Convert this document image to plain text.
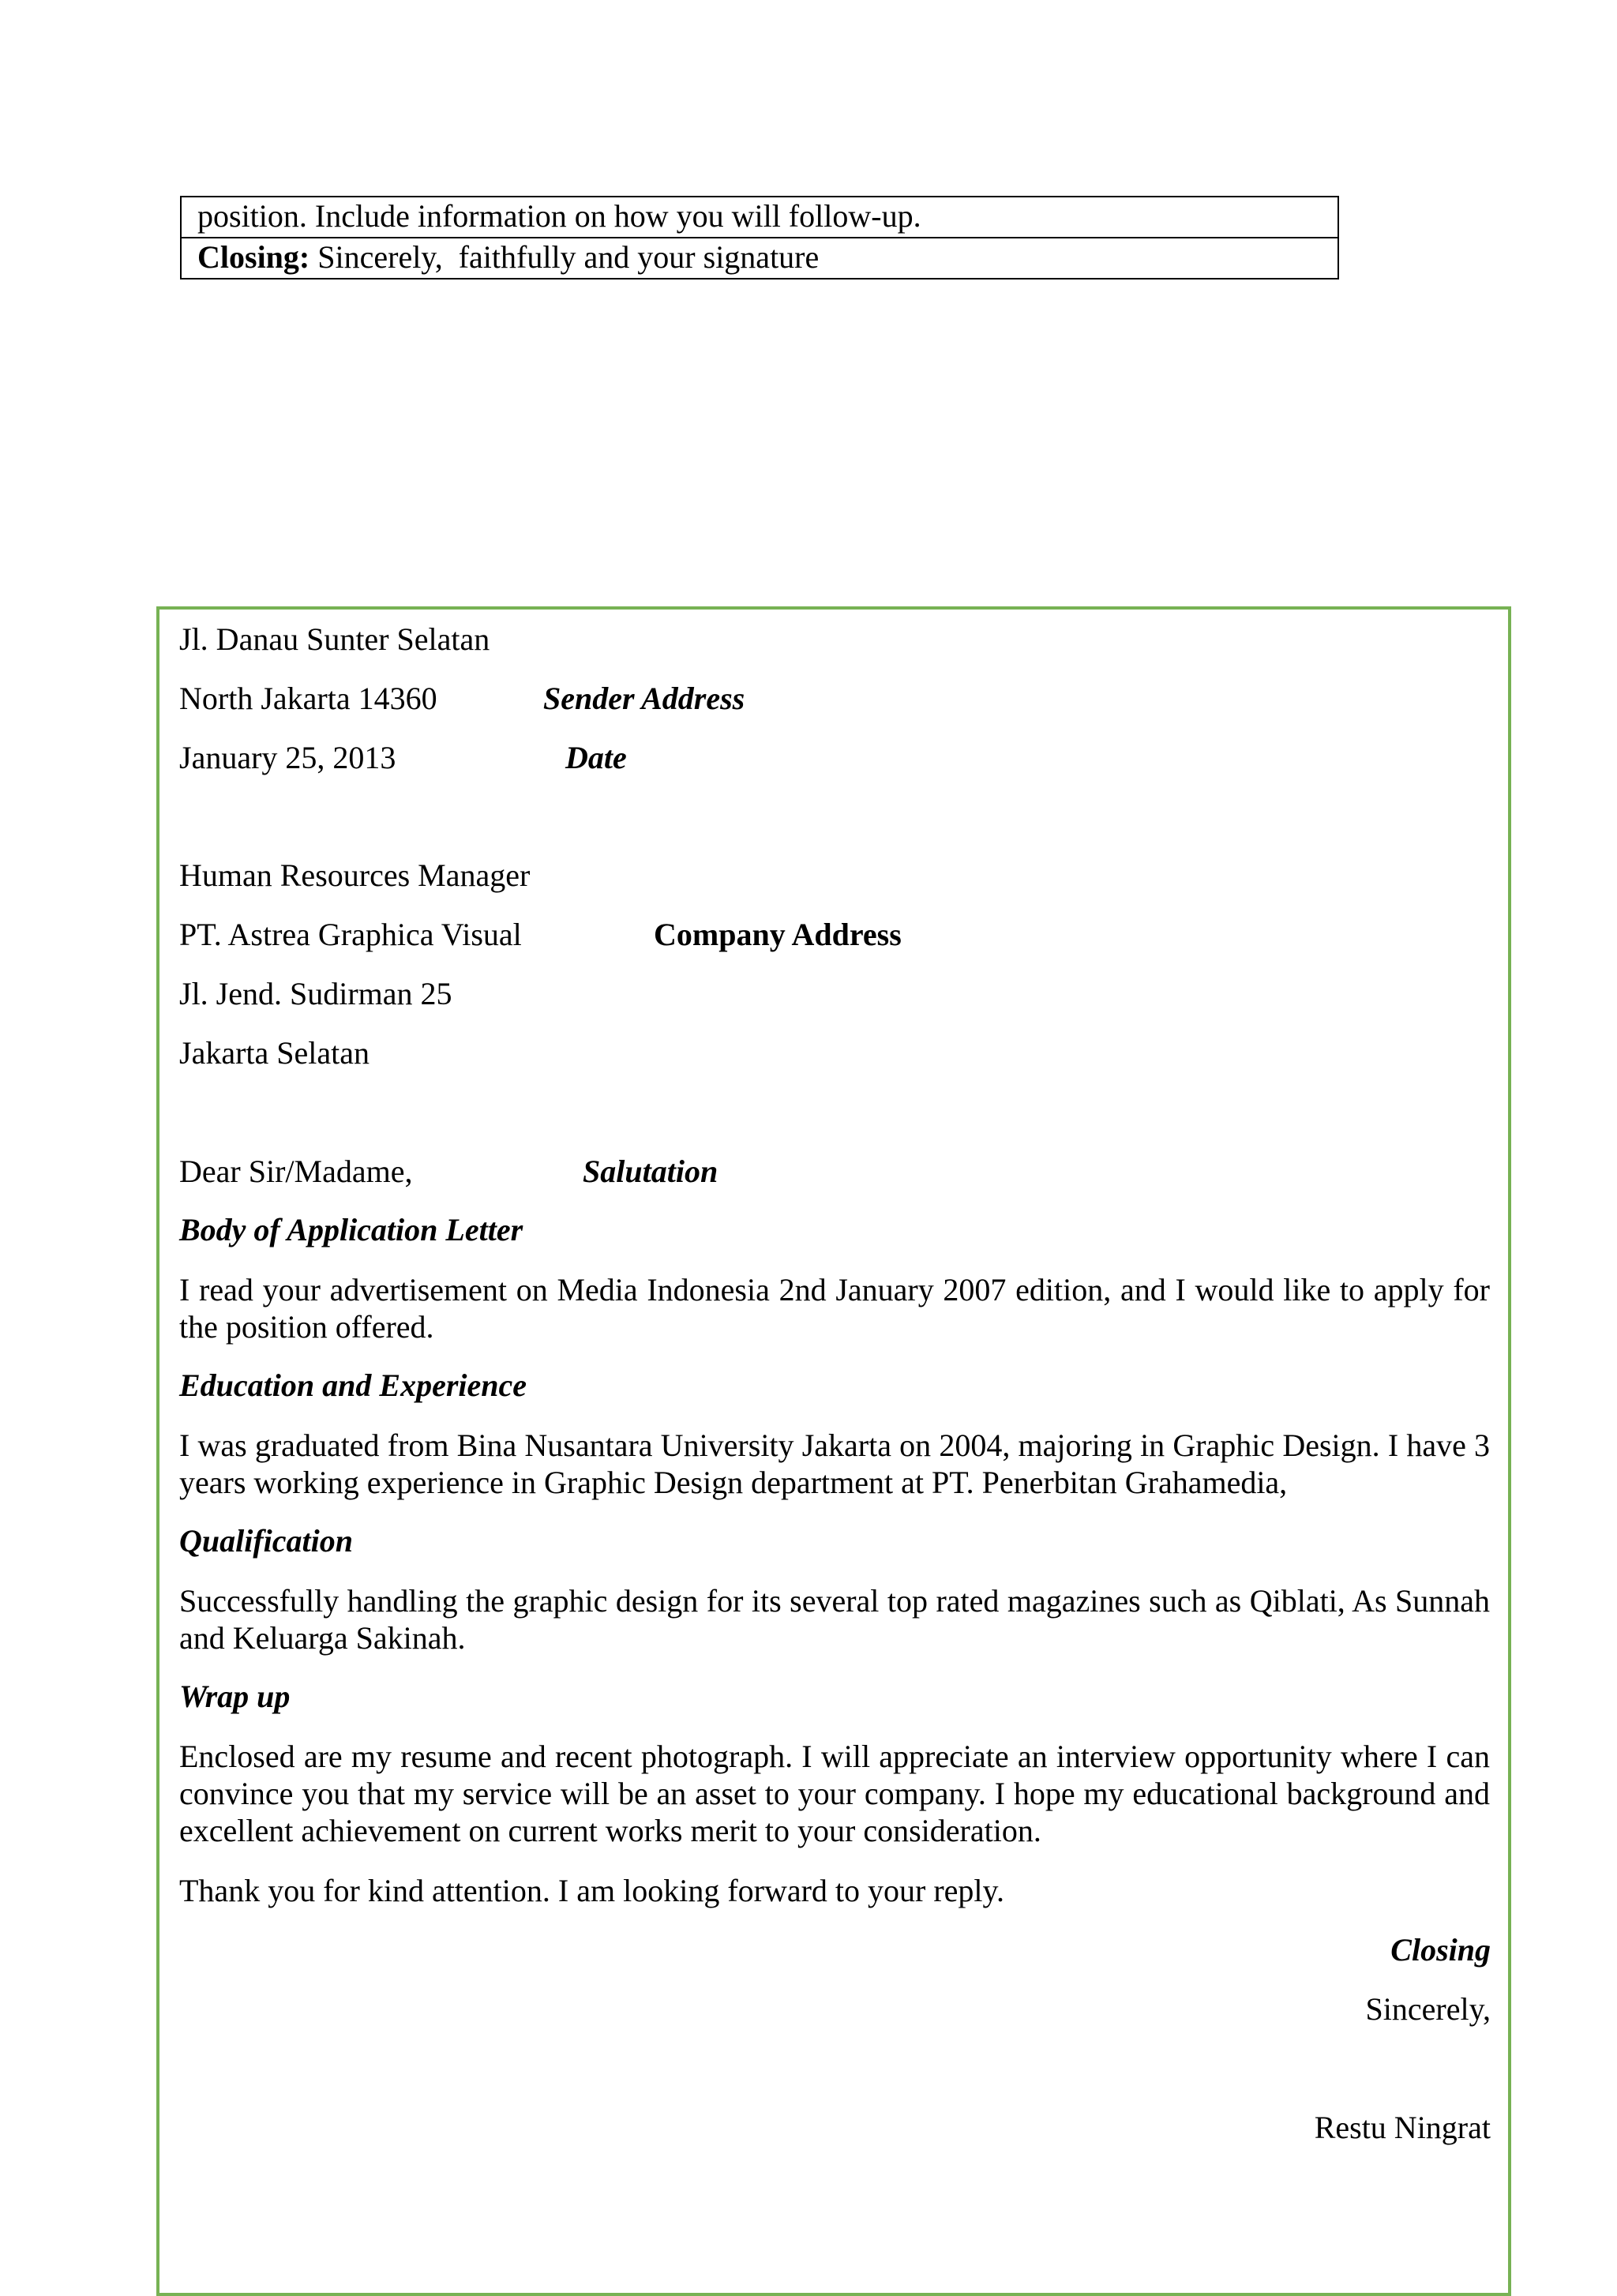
position. Include information on how you will follow-up.
Closing: Sincerely,  faithfully and your signature
Jl. Danau Sunter Selatan
North Jakarta 14360	Sender Address
January 25, 2013	Date
Human Resources Manager
PT. Astrea Graphica Visual	Company Address
Jl. Jend. Sudirman 25
Jakarta Selatan
Dear Sir/Madame,	Salutation
Body of Application Letter
I read your advertisement on Media Indonesia 2nd January 2007 edition, and I would like to apply for the position offered.
Education and Experience
I was graduated from Bina Nusantara University Jakarta on 2004, majoring in Graphic Design. I have 3 years working experience in Graphic Design department at PT. Penerbitan Grahamedia,
Qualification
Successfully handling the graphic design for its several top rated magazines such as Qiblati, As Sunnah and Keluarga Sakinah.
Wrap up
Enclosed are my resume and recent photograph. I will appreciate an interview opportunity where I can convince you that my service will be an asset to your company. I hope my educational background and excellent achievement on current works merit to your consideration.
Thank you for kind attention. I am looking forward to your reply.
Closing
Sincerely,
Restu Ningrat
